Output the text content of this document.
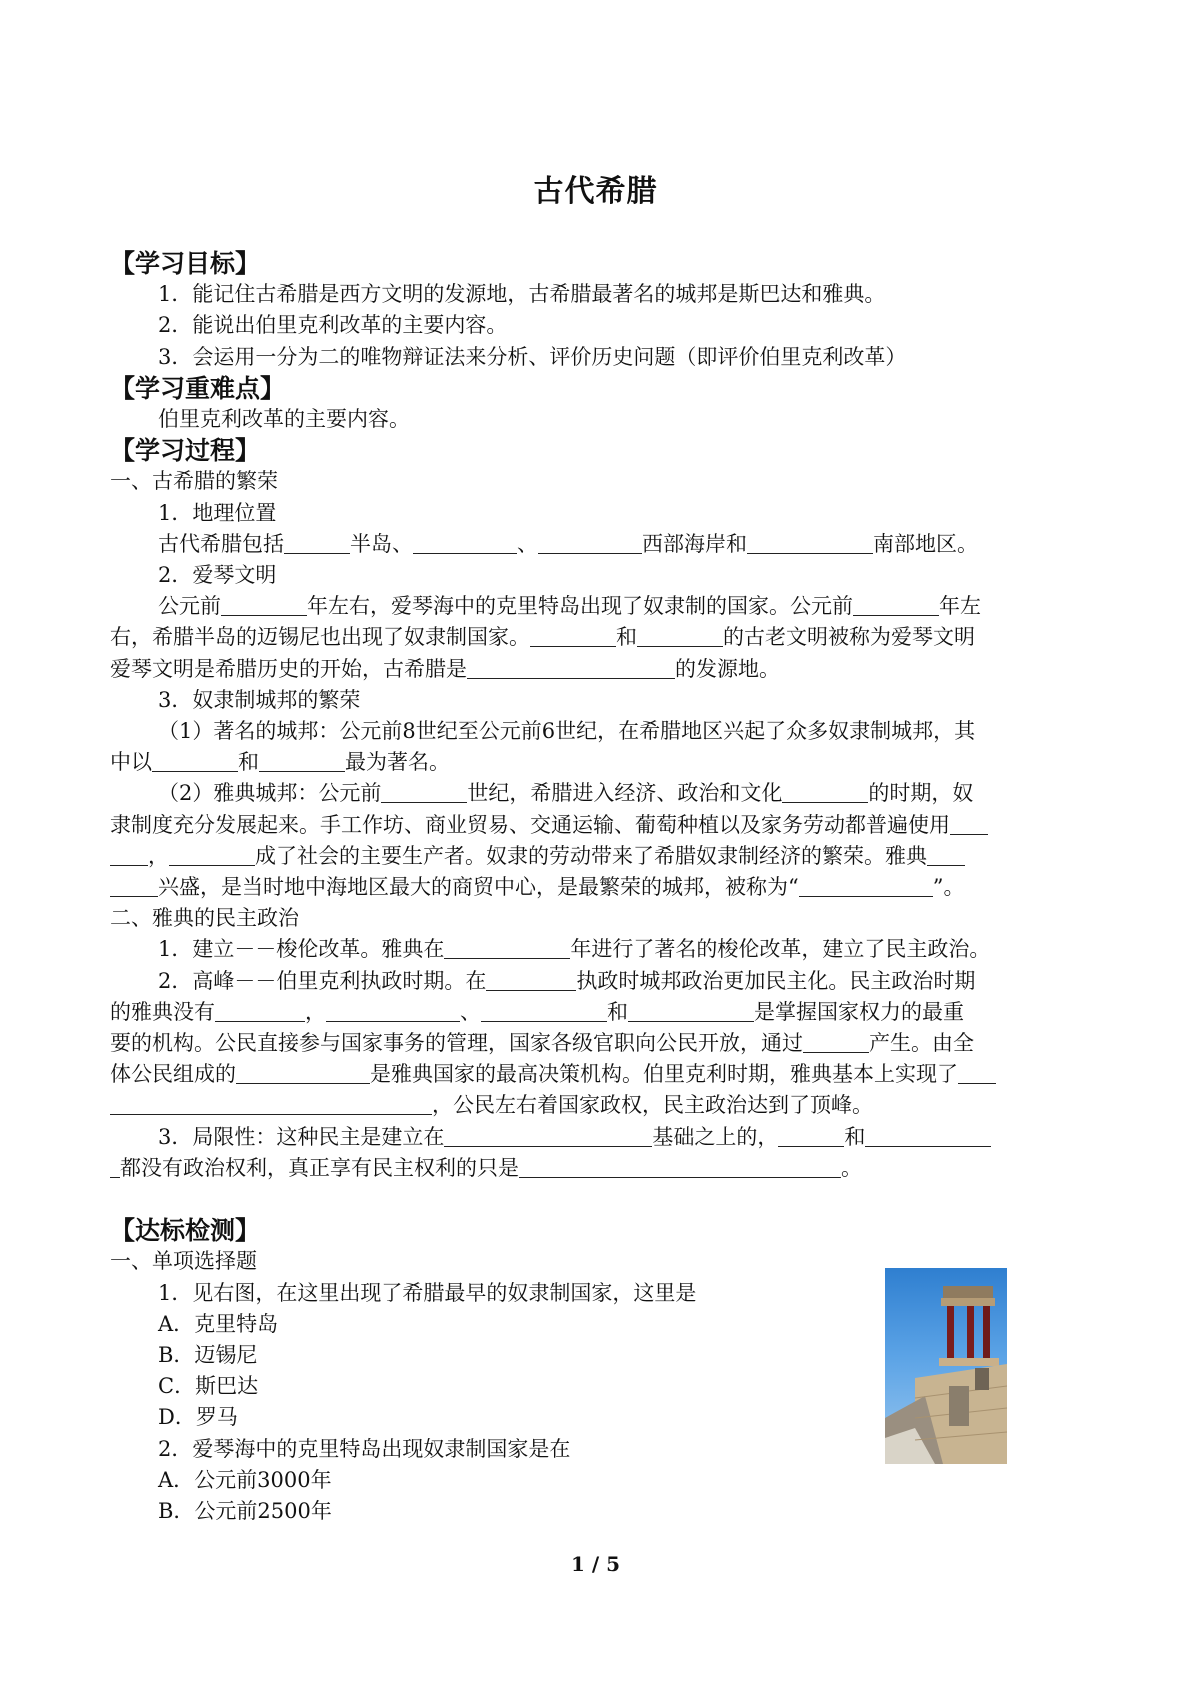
古代希腊
【学习目标】
1．能记住古希腊是西方文明的发源地，古希腊最著名的城邦是斯巴达和雅典。
2．能说出伯里克利改革的主要内容。
3．会运用一分为二的唯物辩证法来分析、评价历史问题（即评价伯里克利改革）
【学习重难点】
伯里克利改革的主要内容。
【学习过程】
一、古希腊的繁荣
1．地理位置
古代希腊包括	半岛、	、	西部海岸和	南部地区。
2．爱琴文明
公元前	年左右，爱琴海中的克里特岛出现了奴隶制的国家。公元前	年左
右，希腊半岛的迈锡尼也出现了奴隶制国家。	和	的古老文明被称为爱琴文明
爱琴文明是希腊历史的开始，古希腊是	的发源地。
3．奴隶制城邦的繁荣
（1）著名的城邦：公元前8世纪至公元前6世纪，在希腊地区兴起了众多奴隶制城邦，其
中以	和	最为著名。
（2）雅典城邦：公元前	世纪，希腊进入经济、政治和文化	的时期，奴
隶制度充分发展起来。手工作坊、商业贸易、交通运输、葡萄种植以及家务劳动都普遍使用
，	成了社会的主要生产者。奴隶的劳动带来了希腊奴隶制经济的繁荣。雅典
兴盛，是当时地中海地区最大的商贸中心，是最繁荣的城邦，被称为“	”。
二、雅典的民主政治
1．建立－－梭伦改革。雅典在	年进行了著名的梭伦改革，建立了民主政治。
2．高峰－－伯里克利执政时期。在	执政时城邦政治更加民主化。民主政治时期
的雅典没有	，	、	和	是掌握国家权力的最重
要的机构。公民直接参与国家事务的管理，国家各级官职向公民开放，通过	产生。由全
体公民组成的	是雅典国家的最高决策机构。伯里克利时期，雅典基本上实现了
，公民左右着国家政权，民主政治达到了顶峰。
3．局限性：这种民主是建立在	基础之上的，	和
都没有政治权利，真正享有民主权利的只是	。
【达标检测】
一、单项选择题
1．见右图，在这里出现了希腊最早的奴隶制国家，这里是
A．克里特岛
B．迈锡尼
C．斯巴达
D．罗马
2．爱琴海中的克里特岛出现奴隶制国家是在
A．公元前3000年
B．公元前2500年
1 / 5
